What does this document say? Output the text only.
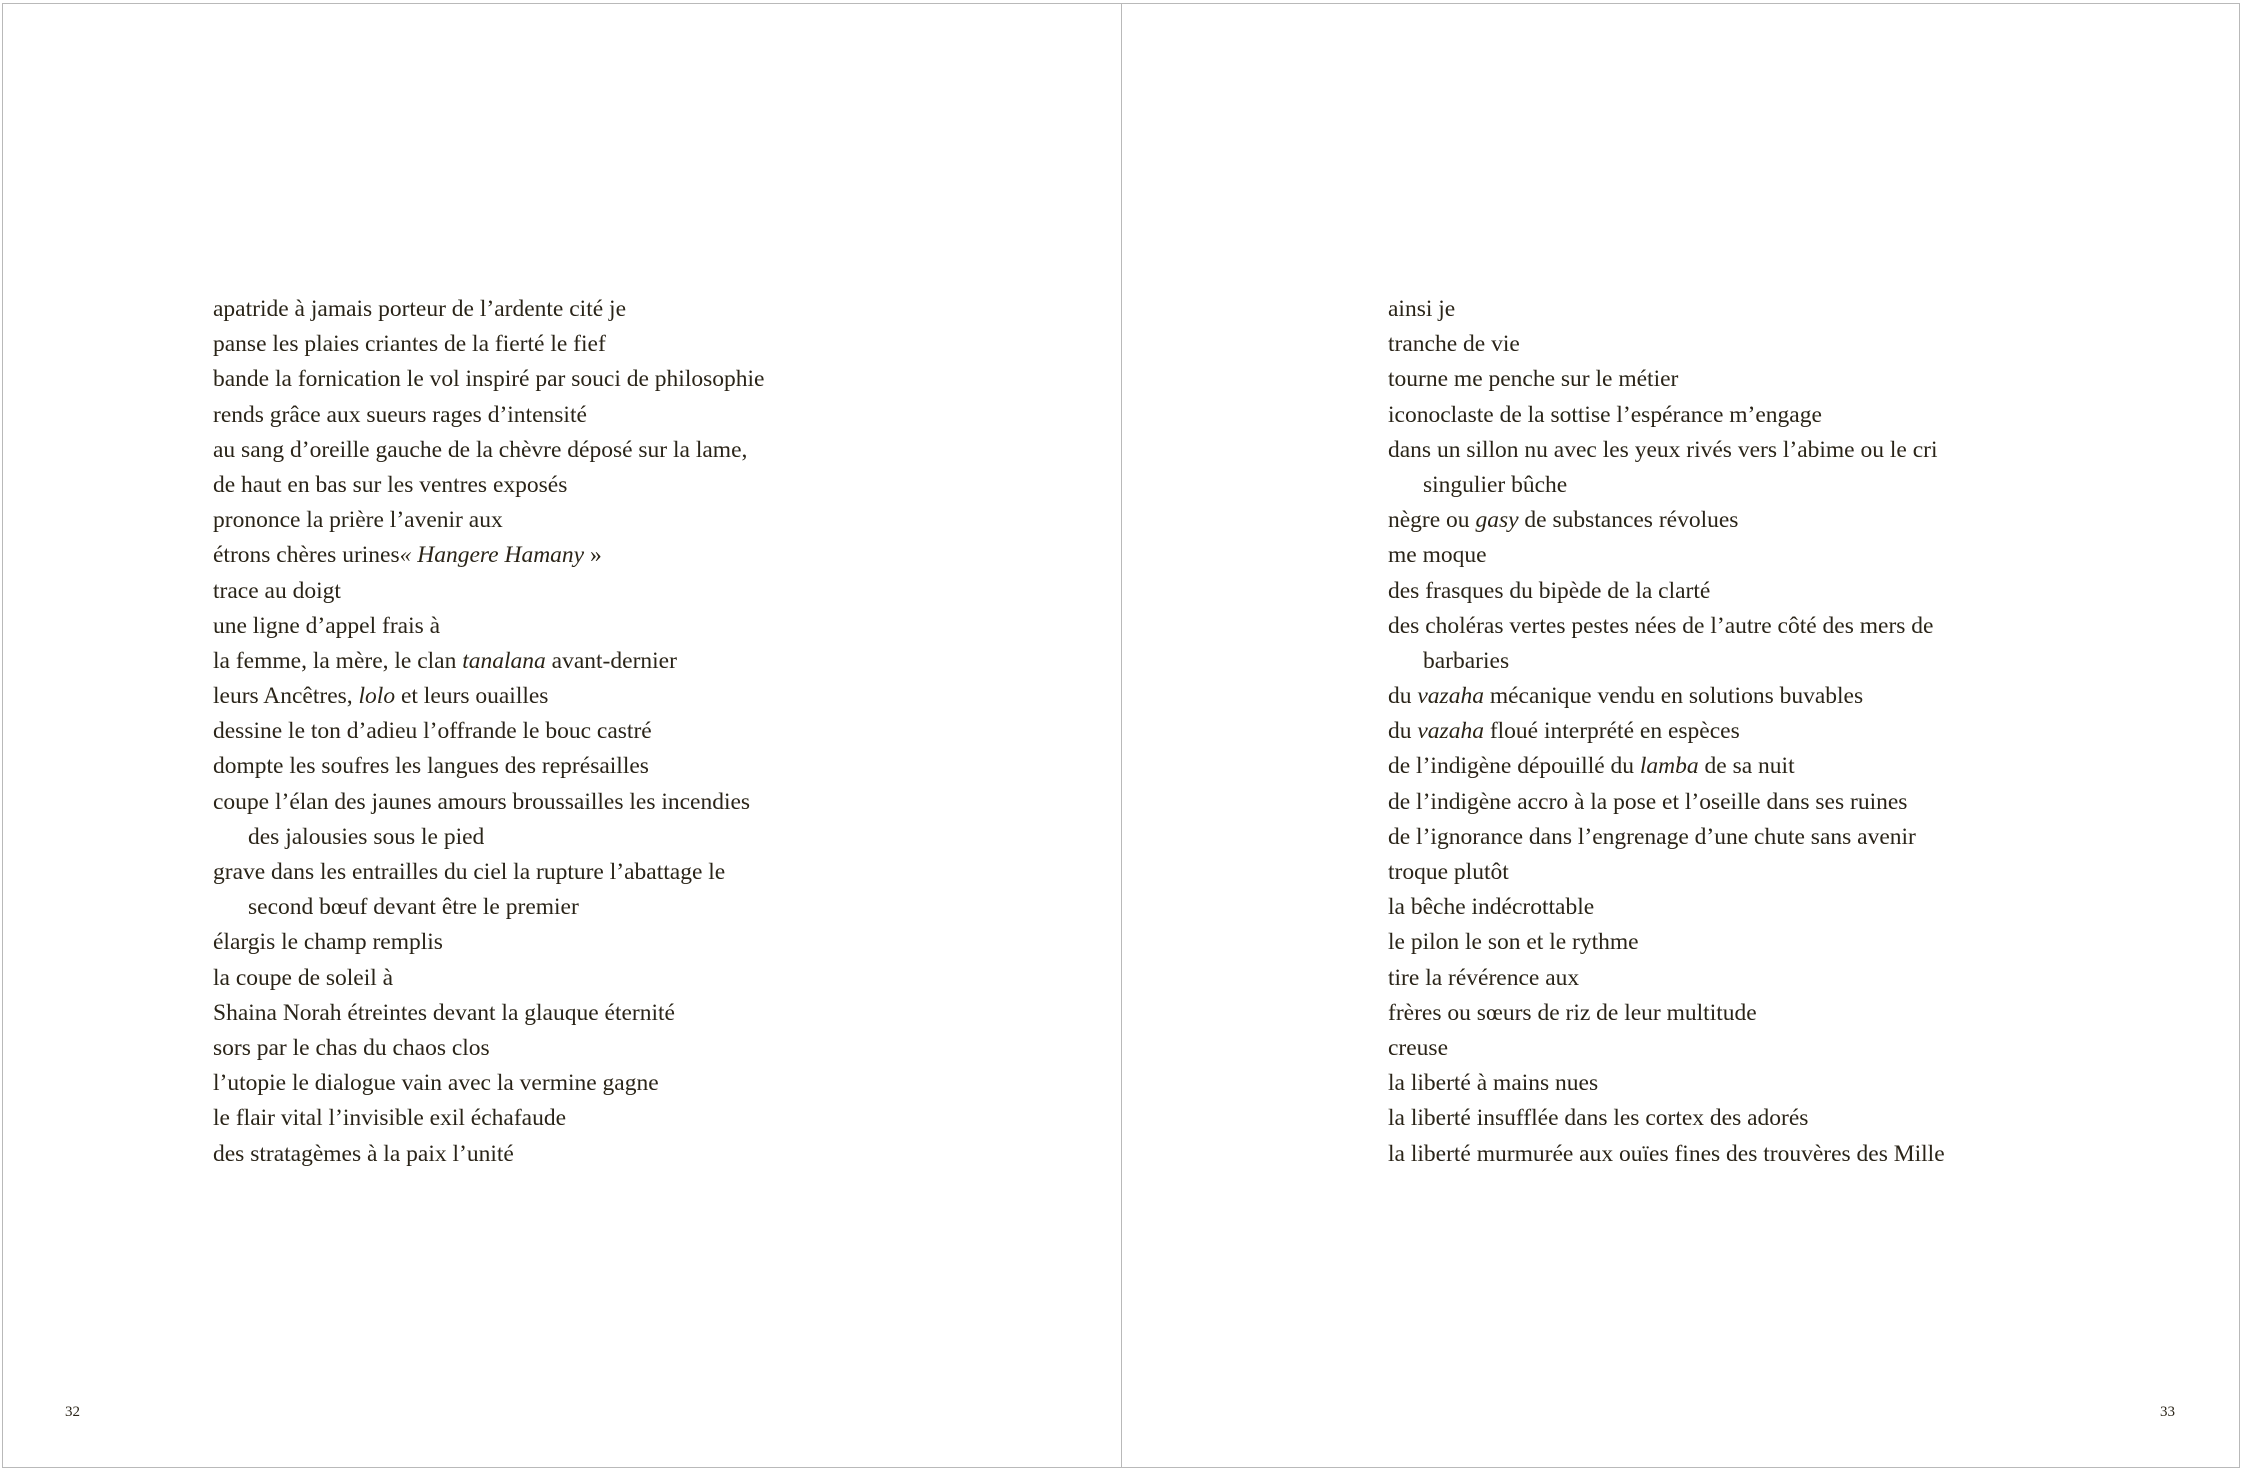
apatride à jamais porteur de l’ardente cité je
panse les plaies criantes de la fierté le fief
bande la fornication le vol inspiré par souci de philosophie
rends grâce aux sueurs rages d’intensité
au sang d’oreille gauche de la chèvre déposé sur la lame,
de haut en bas sur les ventres exposés
prononce la prière l’avenir aux
étrons chères urines« Hangere Hamany »
trace au doigt
une ligne d’appel frais à
la femme, la mère, le clan tanalana avant-dernier
leurs Ancêtres, lolo et leurs ouailles
dessine le ton d’adieu l’offrande le bouc castré
dompte les soufres les langues des représailles
coupe l’élan des jaunes amours broussailles les incendies
des jalousies sous le pied
grave dans les entrailles du ciel la rupture l’abattage le
second bœuf devant être le premier
élargis le champ remplis
la coupe de soleil à
Shaina Norah étreintes devant la glauque éternité
sors par le chas du chaos clos
l’utopie le dialogue vain avec la vermine gagne
le flair vital l’invisible exil échafaude
des stratagèmes à la paix l’unité
ainsi je
tranche de vie
tourne me penche sur le métier
iconoclaste de la sottise l’espérance m’engage
dans un sillon nu avec les yeux rivés vers l’abime ou le cri
singulier bûche
nègre ou gasy de substances révolues
me moque
des frasques du bipède de la clarté
des choléras vertes pestes nées de l’autre côté des mers de
barbaries
du vazaha mécanique vendu en solutions buvables
du vazaha floué interprété en espèces
de l’indigène dépouillé du lamba de sa nuit
de l’indigène accro à la pose et l’oseille dans ses ruines
de l’ignorance dans l’engrenage d’une chute sans avenir
troque plutôt
la bêche indécrottable
le pilon le son et le rythme
tire la révérence aux
frères ou sœurs de riz de leur multitude
creuse
la liberté à mains nues
la liberté insufflée dans les cortex des adorés
la liberté murmurée aux ouïes fines des trouvères des Mille
32	33
